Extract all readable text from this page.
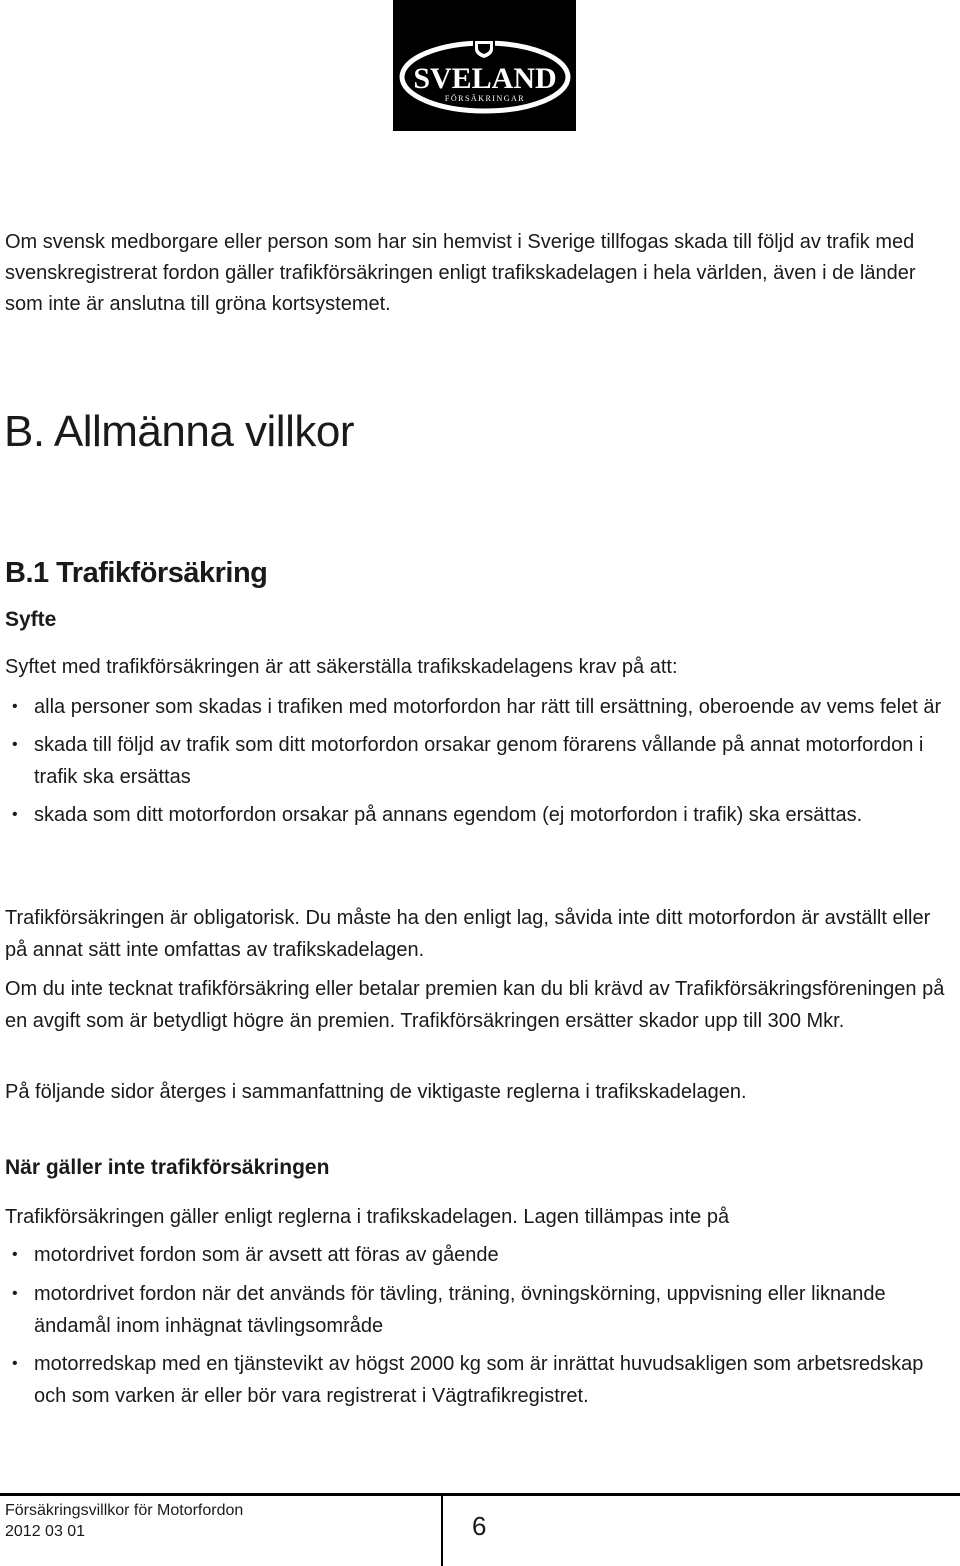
SVELAND
FÖRSÄKRINGAR

Om svensk medborgare eller person som har sin hemvist i Sverige tillfogas skada till följd av trafik med svenskregistrerat fordon gäller trafikförsäkringen enligt trafikskadelagen i hela världen, även i de länder som inte är anslutna till gröna kortsystemet.

B. Allmänna villkor
B.1 Trafikförsäkring
Syfte

Syftet med trafikförsäkringen är att säkerställa trafikskadelagens krav på att:

• alla personer som skadas i trafiken med motorfordon har rätt till ersättning, oberoende av vems felet är
• skada till följd av trafik som ditt motorfordon orsakar genom förarens vållande på annat motorfordon i trafik ska ersättas
• skada som ditt motorfordon orsakar på annans egendom (ej motorfordon i trafik) ska ersättas.

Trafikförsäkringen är obligatorisk. Du måste ha den enligt lag, såvida inte ditt motorfordon är avställt eller på annat sätt inte omfattas av trafikskadelagen.

Om du inte tecknat trafikförsäkring eller betalar premien kan du bli krävd av Trafikförsäkringsföreningen på en avgift som är betydligt högre än premien. Trafikförsäkringen ersätter skador upp till 300 Mkr.

På följande sidor återges i sammanfattning de viktigaste reglerna i trafikskadelagen.

När gäller inte trafikförsäkringen

Trafikförsäkringen gäller enligt reglerna i trafikskadelagen. Lagen tillämpas inte på

• motordrivet fordon som är avsett att föras av gående
• motordrivet fordon när det används för tävling, träning, övningskörning, uppvisning eller liknande ändamål inom inhägnat tävlingsområde
• motorredskap med en tjänstevikt av högst 2000 kg som är inrättat huvudsakligen som arbetsredskap och som varken är eller bör vara registrerat i Vägtrafikregistret.

Försäkringsvillkor för Motorfordon

2012 03 01	6
